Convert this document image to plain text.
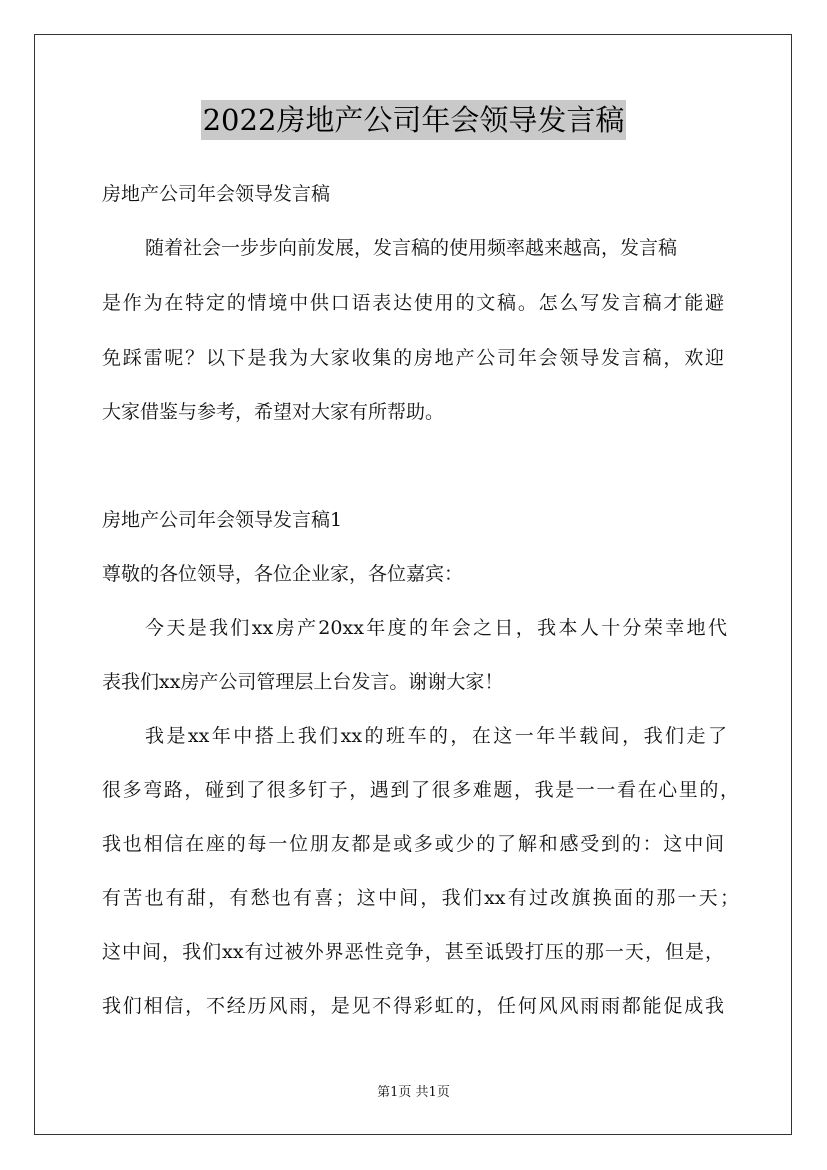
2022房地产公司年会领导发言稿
房地产公司年会领导发言稿
随着社会一步步向前发展，发言稿的使用频率越来越高，发言稿
是作为在特定的情境中供口语表达使用的文稿。怎么写发言稿才能避
免踩雷呢？以下是我为大家收集的房地产公司年会领导发言稿，欢迎
大家借鉴与参考，希望对大家有所帮助。
房地产公司年会领导发言稿1
尊敬的各位领导，各位企业家，各位嘉宾：
今天是我们xx房产20xx年度的年会之日，我本人十分荣幸地代
表我们xx房产公司管理层上台发言。谢谢大家！
我是xx年中搭上我们xx的班车的，在这一年半载间，我们走了
很多弯路，碰到了很多钉子，遇到了很多难题，我是一一看在心里的，
我也相信在座的每一位朋友都是或多或少的了解和感受到的：这中间
有苦也有甜，有愁也有喜；这中间，我们xx有过改旗换面的那一天；
这中间，我们xx有过被外界恶性竞争，甚至诋毁打压的那一天，但是，
我们相信，不经历风雨，是见不得彩虹的，任何风风雨雨都能促成我
第1页 共1页
